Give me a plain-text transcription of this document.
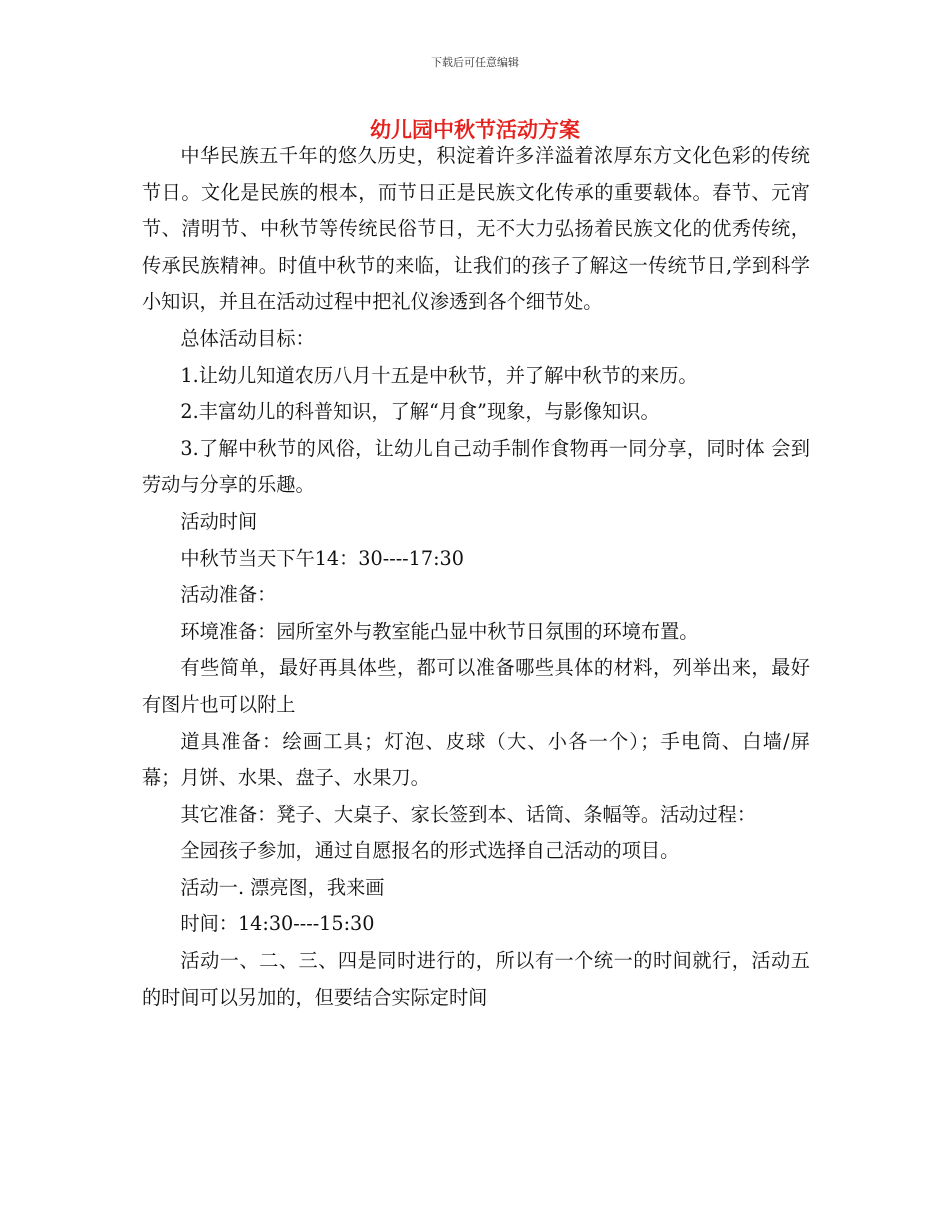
下载后可任意编辑
幼儿园中秋节活动方案

中华民族五千年的悠久历史，积淀着许多洋溢着浓厚东方文化色彩的传统节日。文化是民族的根本，而节日正是民族文化传承的重要载体。春节、元宵节、清明节、中秋节等传统民俗节日，无不大力弘扬着民族文化的优秀传统，传承民族精神。时值中秋节的来临，让我们的孩子了解这一传统节日,学到科学小知识，并且在活动过程中把礼仪渗透到各个细节处。

总体活动目标：

1.让幼儿知道农历八月十五是中秋节，并了解中秋节的来历。

2.丰富幼儿的科普知识，了解“月食”现象，与影像知识。

3.了解中秋节的风俗，让幼儿自己动手制作食物再一同分享，同时体 会到劳动与分享的乐趣。

活动时间

中秋节当天下午14：30----17:30

活动准备：

环境准备：园所室外与教室能凸显中秋节日氛围的环境布置。

有些简单，最好再具体些，都可以准备哪些具体的材料，列举出来，最好有图片也可以附上

道具准备：绘画工具；灯泡、皮球（大、小各一个）；手电筒、白墙/屏幕；月饼、水果、盘子、水果刀。

其它准备：凳子、大桌子、家长签到本、话筒、条幅等。活动过程：

全园孩子参加，通过自愿报名的形式选择自己活动的项目。

活动一. 漂亮图，我来画

时间：14:30----15:30

活动一、二、三、四是同时进行的，所以有一个统一的时间就行，活动五的时间可以另加的，但要结合实际定时间
